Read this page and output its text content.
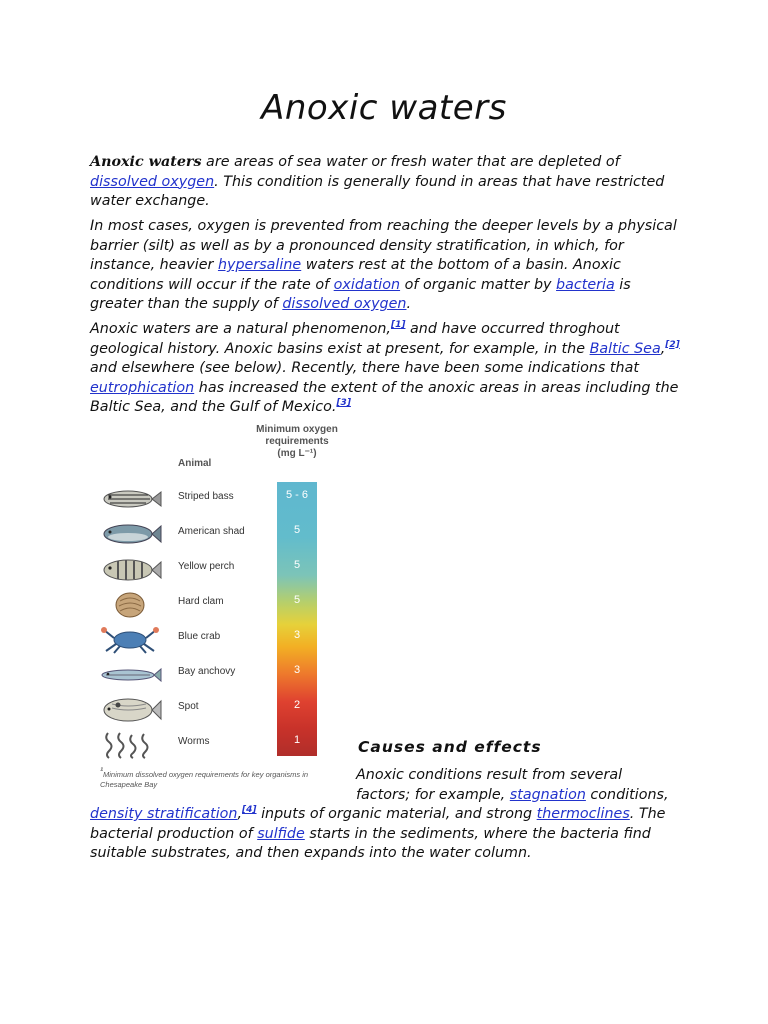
Anoxic waters

Anoxic waters are areas of sea water or fresh water that are depleted of dissolved oxygen. This condition is generally found in areas that have restricted water exchange.

In most cases, oxygen is prevented from reaching the deeper levels by a physical barrier (silt) as well as by a pronounced density stratification, in which, for instance, heavier hypersaline waters rest at the bottom of a basin. Anoxic conditions will occur if the rate of oxidation of organic matter by bacteria is greater than the supply of dissolved oxygen.

Anoxic waters are a natural phenomenon,[1] and have occurred throghout geological history. Anoxic basins exist at present, for example, in the Baltic Sea,[2] and elsewhere (see below). Recently, there have been some indications that eutrophication has increased the extent of the anoxic areas in areas including the Baltic Sea, and the Gulf of Mexico.[3]

Minimum oxygen
requirements
(mg L⁻¹)
Animal
Striped bass
American shad
Yellow perch
Hard clam
Blue crab
Bay anchovy
Spot
Worms
$^{^1}$Minimum dissolved oxygen requirements for key organisms in Chesapeake Bay
5 - 6
5
5
5
3
3
2
1	Causes and effects

Anoxic conditions result from several
factors; for example, stagnation conditions,

density stratification,[4] inputs of organic material, and strong thermoclines. The bacterial production of sulfide starts in the sediments, where the bacteria find suitable substrates, and then expands into the water column.
